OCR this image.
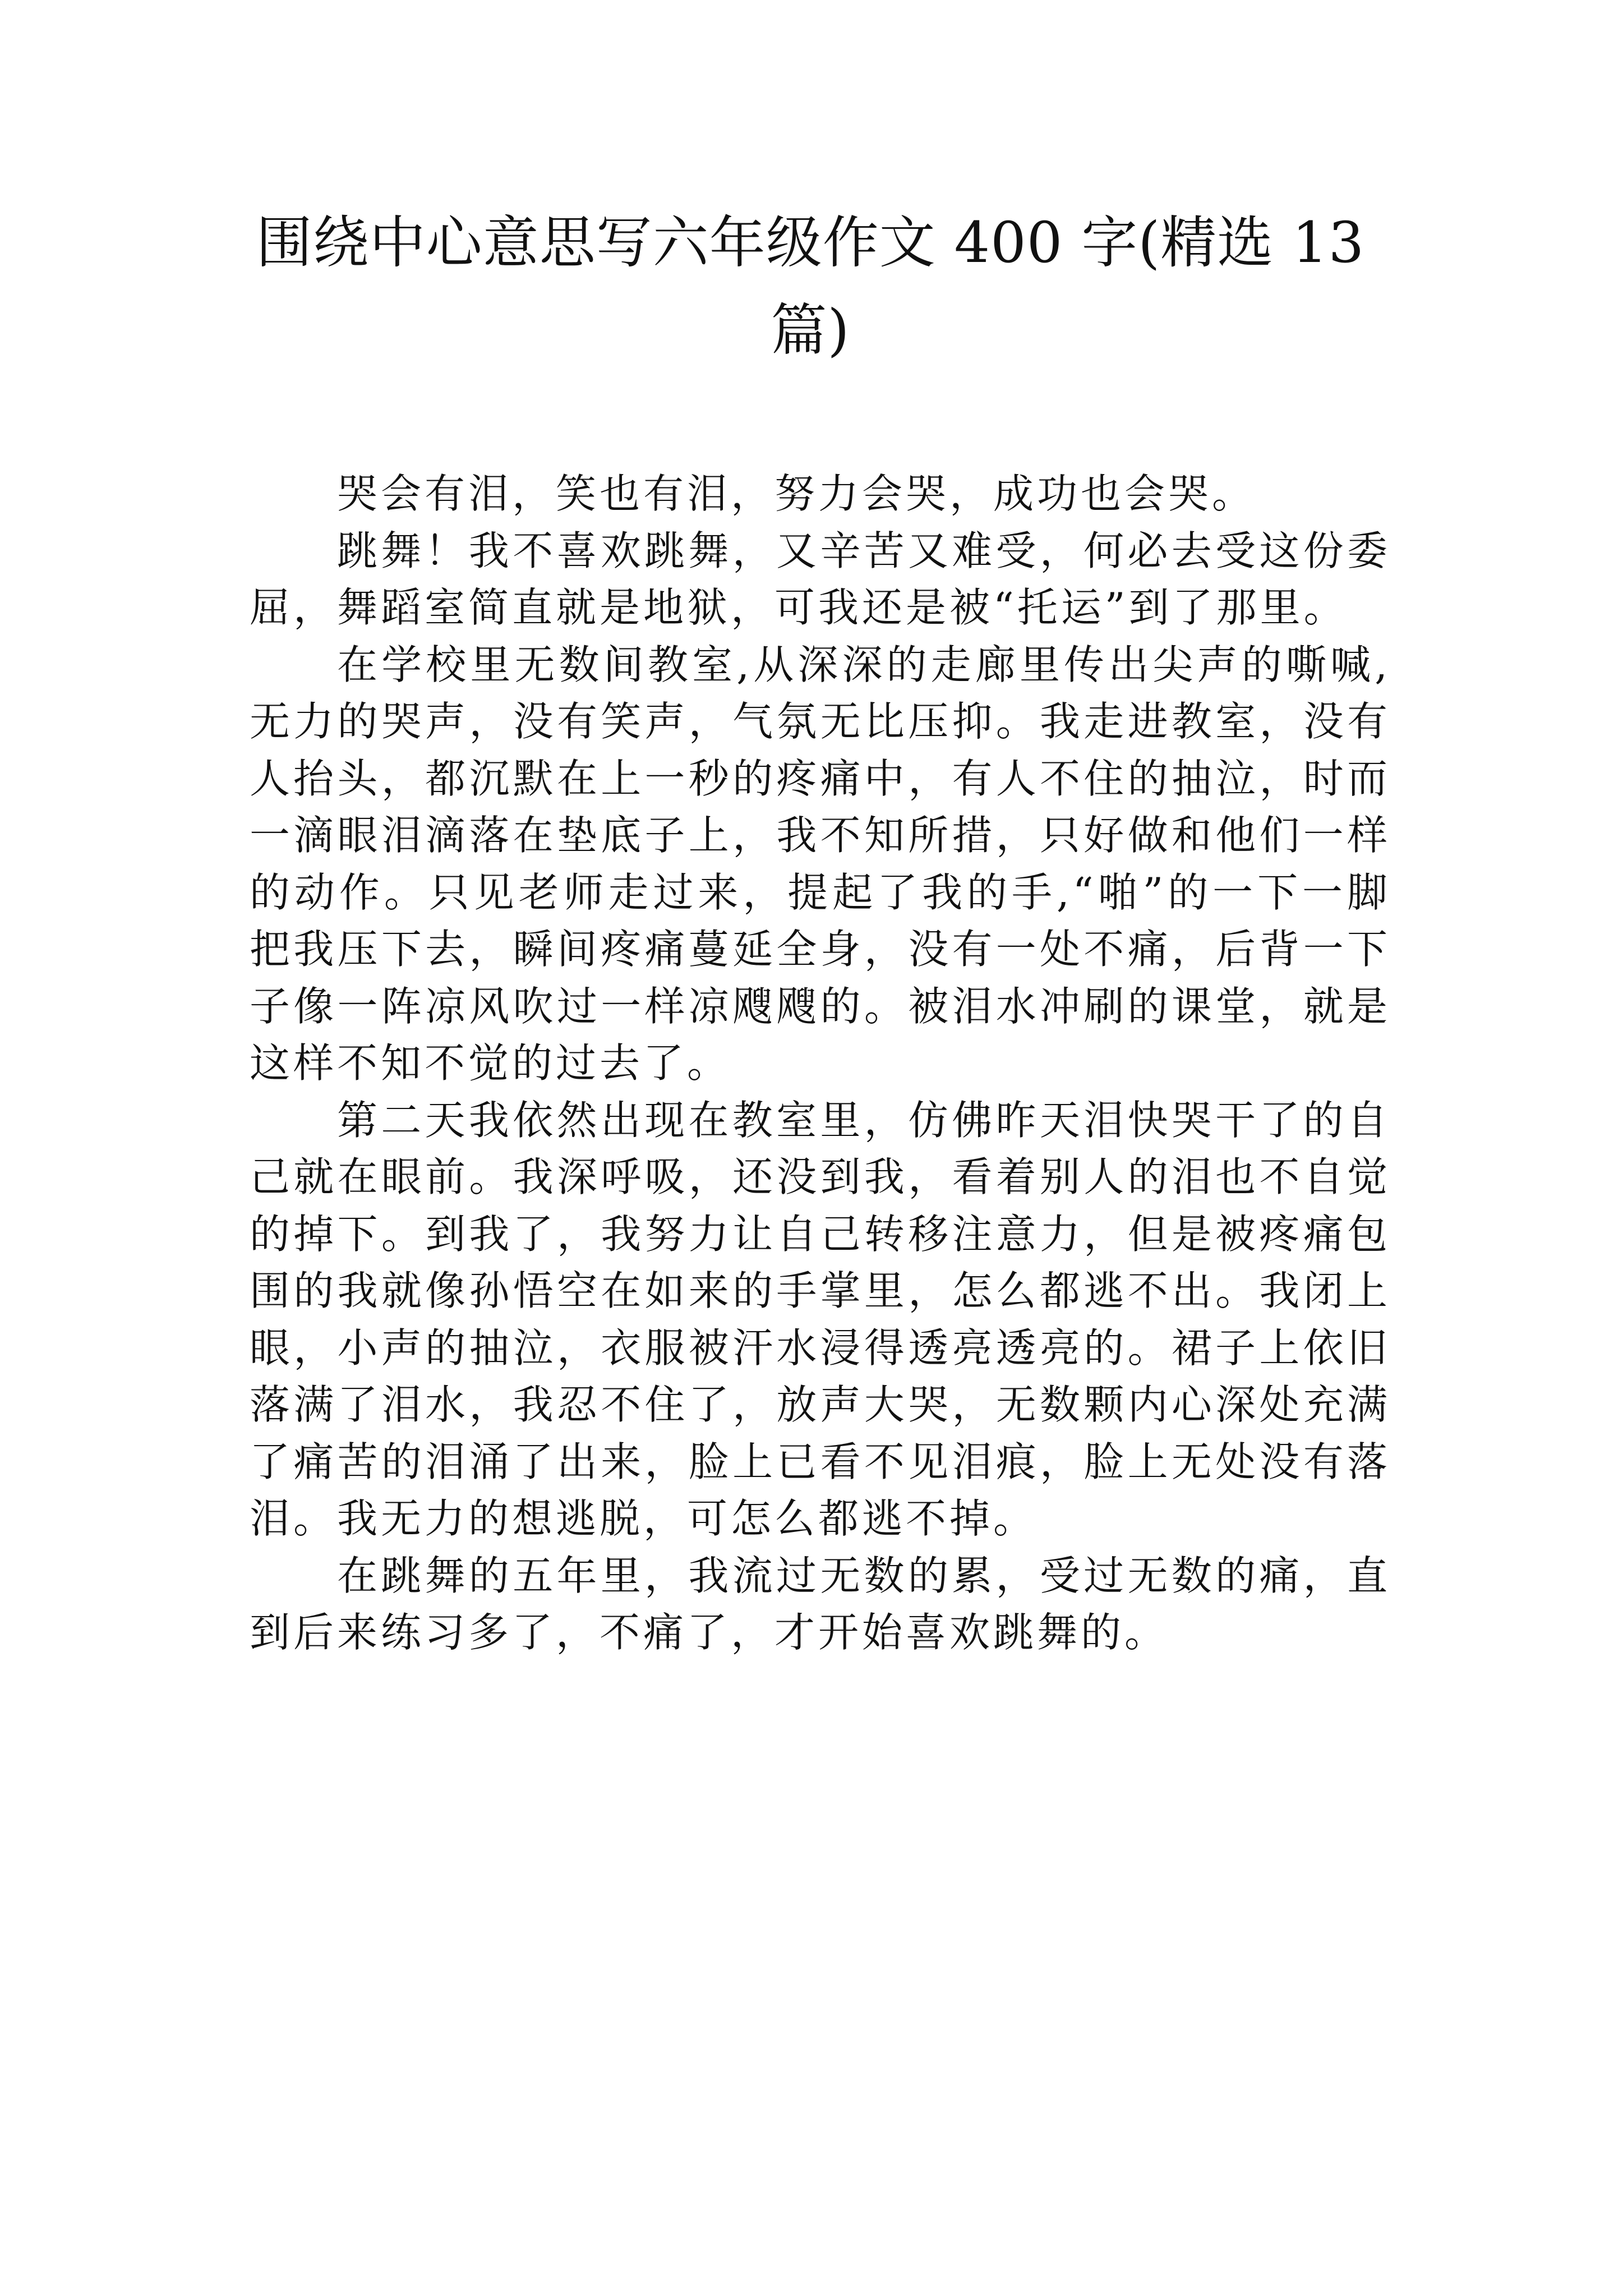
围绕中心意思写六年级作文 400 字(精选 13
篇)

哭会有泪，笑也有泪，努力会哭，成功也会哭。

跳舞！我不喜欢跳舞，又辛苦又难受，何必去受这份委屈，舞蹈室简直就是地狱，可我还是被“托运”到了那里。

在学校里无数间教室,从深深的走廊里传出尖声的嘶喊,无力的哭声，没有笑声，气氛无比压抑。我走进教室，没有人抬头，都沉默在上一秒的疼痛中，有人不住的抽泣，时而一滴眼泪滴落在垫底子上，我不知所措，只好做和他们一样的动作。只见老师走过来，提起了我的手,“啪”的一下一脚把我压下去，瞬间疼痛蔓延全身，没有一处不痛，后背一下子像一阵凉风吹过一样凉飕飕的。被泪水冲刷的课堂，就是这样不知不觉的过去了。

第二天我依然出现在教室里，仿佛昨天泪快哭干了的自己就在眼前。我深呼吸，还没到我，看着别人的泪也不自觉的掉下。到我了，我努力让自己转移注意力，但是被疼痛包围的我就像孙悟空在如来的手掌里，怎么都逃不出。我闭上眼，小声的抽泣，衣服被汗水浸得透亮透亮的。裙子上依旧落满了泪水，我忍不住了，放声大哭，无数颗内心深处充满了痛苦的泪涌了出来，脸上已看不见泪痕，脸上无处没有落泪。我无力的想逃脱，可怎么都逃不掉。

在跳舞的五年里，我流过无数的累，受过无数的痛，直到后来练习多了，不痛了，才开始喜欢跳舞的。
